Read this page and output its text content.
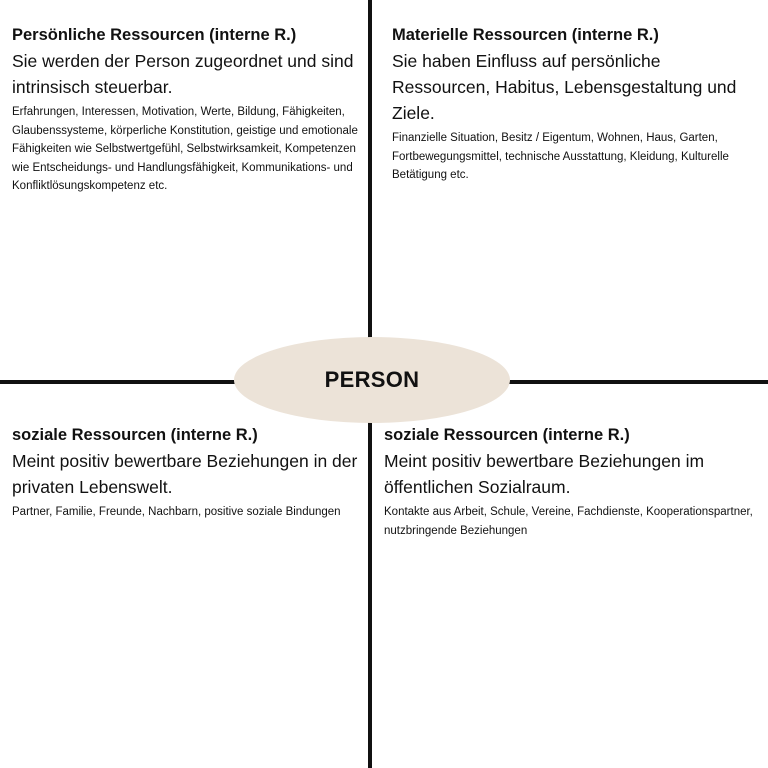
PERSON

Persönliche Ressourcen (interne R.)

Sie werden der Person zugeordnet und sind intrinsisch steuerbar.

Erfahrungen, Interessen, Motivation, Werte, Bildung, Fähigkeiten, Glaubenssysteme, körperliche Konstitution, geistige und emotionale Fähigkeiten wie Selbstwertgefühl, Selbstwirksamkeit, Kompetenzen wie Entscheidungs- und Handlungsfähigkeit, Kommunikations- und Konfliktlösungskompetenz etc.

Materielle Ressourcen (interne R.)

Sie haben Einfluss auf persönliche Ressourcen, Habitus, Lebensgestaltung und Ziele.

Finanzielle Situation, Besitz / Eigentum, Wohnen, Haus, Garten, Fortbewegungsmittel, technische Ausstattung, Kleidung, Kulturelle Betätigung etc.

soziale Ressourcen (interne R.)

Meint positiv bewertbare Beziehungen in der privaten Lebenswelt.

Partner, Familie, Freunde, Nachbarn, positive soziale Bindungen

soziale Ressourcen (interne R.)

Meint positiv bewertbare Beziehungen im öffentlichen Sozialraum.

Kontakte aus Arbeit, Schule, Vereine, Fachdienste, Kooperationspartner, nutzbringende Beziehungen
